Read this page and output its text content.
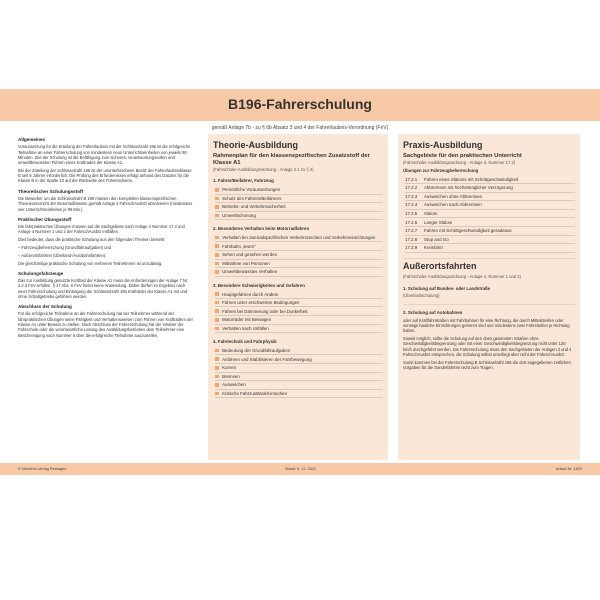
B196-Fahrerschulung
gemäß Anlage 7b - zu § 6b Absatz 3 und 4 der Fahrerlaubnis-Verordnung (FeV)
Allgemeines

Voraussetzung für die Erteilung der Fahrerlaubnis mit der Schlüsselzahl 196 ist die erfolgreiche Teilnahme an einer Fahrerschulung von mindestens neun Unterrichtseinheiten von jeweils 90 Minuten. Ziel der Schulung ist die Befähigung zum sicheren, verantwortungsvollen und umweltbewussten Führen eines Kraftrades der Klasse A1.

Bei der Zuteilung der Schlüsselzahl 196 ist der ununterbrochene Besitz der Fahrerlaubnisklasse B seit 5 Jahren erforderlich. Die Prüfung des Erfordernisses erfolgt anhand des Datums für die Klasse B in der Spalte 10 auf der Rückseite des Führerscheins.

Theoretischer Schulungsstoff

Die Bewerber um die Schlüsselzahl B 196 müssen den kompletten klassenspezifischen Theorieunterricht der Motorradklassen gemäß Anlage 2 FahrschAusbO absolvieren (mindestens vier Unterrichtseinheiten je 90 Min.).

Praktischer Übungsstoff

Die fahrpraktischen Übungen müssen auf die Sachgebiete nach Anlage 3 Nummer 17.2 und Anlage 4 Nummer 1 und 2 der FahrschAusbO entfallen.

Dies bedeutet, dass die praktische Schulung aus den folgenden Themen besteht:

– Fahrzeugbeherrschung (Grundfahraufgaben) und

– Außerortsfahrten (Überland-/Autobahnfahrten).

Die gleichzeitige praktische Schulung von mehreren Teilnehmern ist unzulässig.

Schulungsfahrzeuge

Das zur Ausbildung genutzte Kraftrad der Klasse A1 muss die Anforderungen der Anlage 7 Nr. 2.2.3 FeV erfüllen. § 17 Abs. 6 FeV findet keine Anwendung. Daher dürfen im Ergebnis nach einer Fahrerschulung und Eintragung der Schlüsselzahl 196 Krafträder der Klasse A1 mit und ohne Schaltgetriebe gefahren werden.

Abschluss der Schulung

Für die erfolgreiche Teilnahme an der Fahrerschulung hat der Teilnehmer während der fahrpraktischen Übungen seine Fähigkeit und Verhaltensweisen zum Führen von Krafträdern der Klasse A1 unter Beweis zu stellen. Nach Abschluss der Fahrerschulung hat der Inhaber der Fahrschule oder die verantwortliche Leitung des Ausbildungsbetriebes dem Teilnehmer eine Bescheinigung nach Nummer 6 über die erfolgreiche Teilnahme auszustellen.

Theorie-Ausbildung
Rahmenplan für den klassenspezifischen Zusatzstoff der Klasse A1
(Fahrschüler-Ausbildungsordnung - Anlage 2.1 zu § 4)
1. Fahrer/Beifahrer, Fahrzeug
Persönliche Voraussetzungen
Schutz des Fahrers/Beifahrers
Betriebs- und Verkehrssicherheit
Umweltschonung
2. Besonderes Verhalten beim Motorradfahren
Verhalten bei zweiradspezifischen Verkehrszeichen und Verkehrseinrichtungen
Fahrbahn „lesen“
Sehen und gesehen werden
Mitnahme von Personen
Umweltbewusstes Verhalten
3. Besondere Schwierigkeiten und Gefahren
Hauptgefahren durch Andere
Fahren unter erschwerten Bedingungen
Fahren bei Dämmerung oder bei Dunkelheit
Motorräder mit Beiwagen
Verhalten nach Unfällen
4. Fahrtechnik und Fahrphysik
Bedeutung der Grundfahraufgaben
Anfahren und Stabilisieren der Fahrbewegung
Kurven
Bremsen
Ausweichen
Kritische Fahrzustände/Ursachen
Praxis-Ausbildung
Sachgebiete für den praktischen Unterricht
(Fahrschüler-Ausbildungsordnung - Anlage 3, Nummer 17.2)
Übungen zur Fahrzeugbeherrschung
17.2.1	Fahren eines Slaloms mit Schrittgeschwindigkeit
17.2.2	Abbremsen mit höchstmöglicher Verzögerung
17.2.3	Ausweichen ohne Abbremsen
17.2.4	Ausweichen nach Abbremsen
17.2.5	Slalom
17.2.6	Langer Slalom
17.2.7	Fahren mit Schrittgeschwindigkeit geradeaus
17.2.8	Stop and Go
17.2.9	Kreisfahrt
Außerortsfahrten
(Fahrschüler-Ausbildungsordnung - Anlage 4, Nummer 1 und 2)
1. Schulung auf Bundes- oder Landstraße
(Überlandschulung)
2. Schulung auf Autobahnen

oder auf Kraftfahrstraßen mit Fahrbahnen für eine Richtung, die durch Mittelstreifen oder sonstige bauliche Einrichtungen getrennt sind und mindestens zwei Fahrstreifen je Richtung haben.

Soweit möglich, sollte die Schulung auf den oben genannten Straßen ohne Geschwindigkeitsbegrenzung oder mit einer Geschwindigkeitsbegrenzung nicht unter 120 km/h durchgeführt werden. Die Fahrerschulung muss den Sachgebieten der Anlagen 3 und 4 FahrschAusbO entsprechen, die Schulung selbst unterliegt aber nicht der FahrschAusbO.

Somit kommen bei der Fahrerschulung B Schlüsselzahl 196 die dort angegebenen zeitlichen Vorgaben für die Sonderfahrten nicht zum Tragen.

© Verkehrs-Verlag Remagen	Stand: 9. 12. 2021	Artikel-Nr. 1829
